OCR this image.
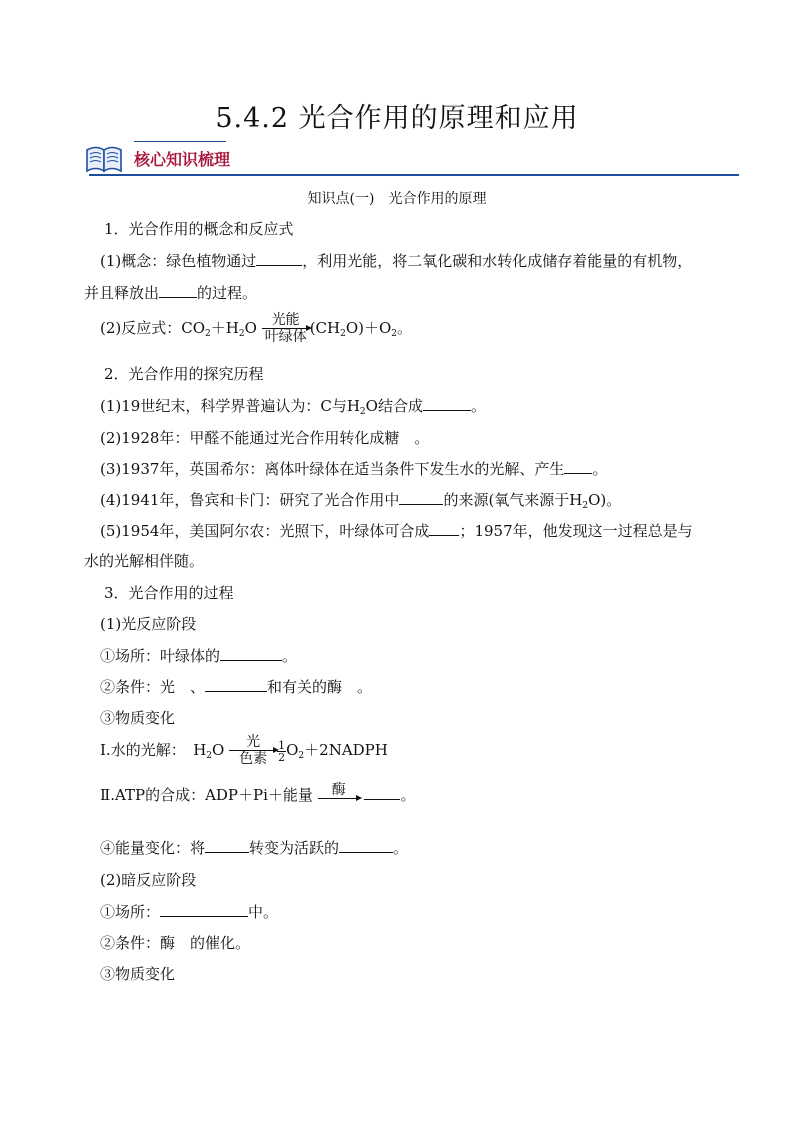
5.4.2 光合作用的原理和应用
核心知识梳理
知识点(一)　光合作用的原理
1．光合作用的概念和反应式
(1)概念：绿色植物通过	，利用光能，将二氧化碳和水转化成储存着能量的有机物，
并且释放出	的过程。
(2)反应式：$CO_2+H_2O$	光能
叶绿体 $(CH_2O)+O_2$。
2．光合作用的探究历程
(1)19世纪末，科学界普遍认为：C与$H_2O$结合成	。
(2)1928年：甲醛不能通过光合作用转化成糖　。
(3)1937年，英国希尔：离体叶绿体在适当条件下发生水的光解、产生 。
(4)1941年，鲁宾和卡门：研究了光合作用中	的来源(氧气来源于$H_2O$)。
(5)1954年，美国阿尔农：光照下，叶绿体可合成 ；1957年，他发现这一过程总是与
水的光解相伴随。
3．光合作用的过程
(1)光反应阶段
①场所：叶绿体的	。
②条件：光　、	和有关的酶　。
③物质变化
Ⅰ.水的光解：　$H_2O$	光
色素 $\frac{1}{2}$ $O_2+2NADPH$
Ⅱ.ATP的合成：ADP＋Pi＋能量	酶	。
④能量变化：将	转变为活跃的	。
(2)暗反应阶段
①场所：	中。
②条件：酶　的催化。
③物质变化
